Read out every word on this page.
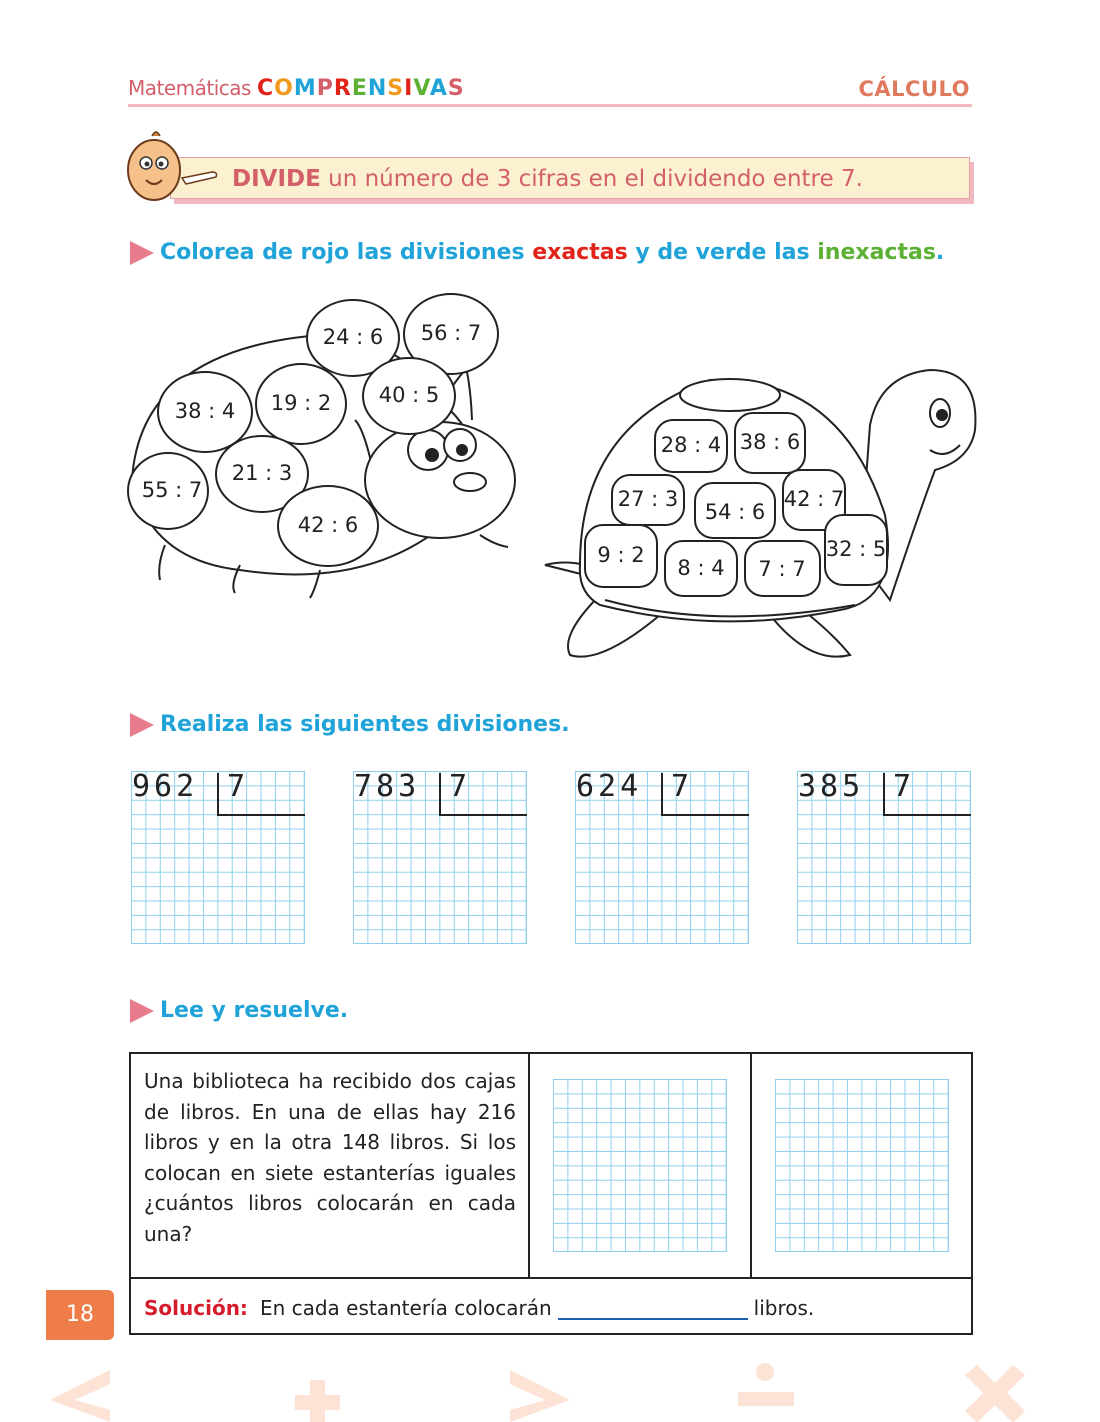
Matemáticas COMPRENSIVAS	CÁLCULO
DIVIDE un número de 3 cifras en el dividendo entre 7.
Colorea de rojo las divisiones exactas y de verde las inexactas.
24 : 6 56 : 7
38 : 4 19 : 2 40 : 5
21 : 3
55 : 7
42 : 6
28 : 4 38 : 6
27 : 3
54 : 6
42 : 7
9 : 2
8 : 4 7 : 7
32 : 5
Realiza las siguientes divisiones.
962 7	783 7	624 7	385 7
Lee y resuelve.
Una biblioteca ha recibido dos cajas de libros. En una de ellas hay 216 libros y en la otra 148 libros. Si los colocan en siete estanterías iguales ¿cuántos libros colocarán en cada una?
Solución: En cada estantería colocarán	libros.
18
